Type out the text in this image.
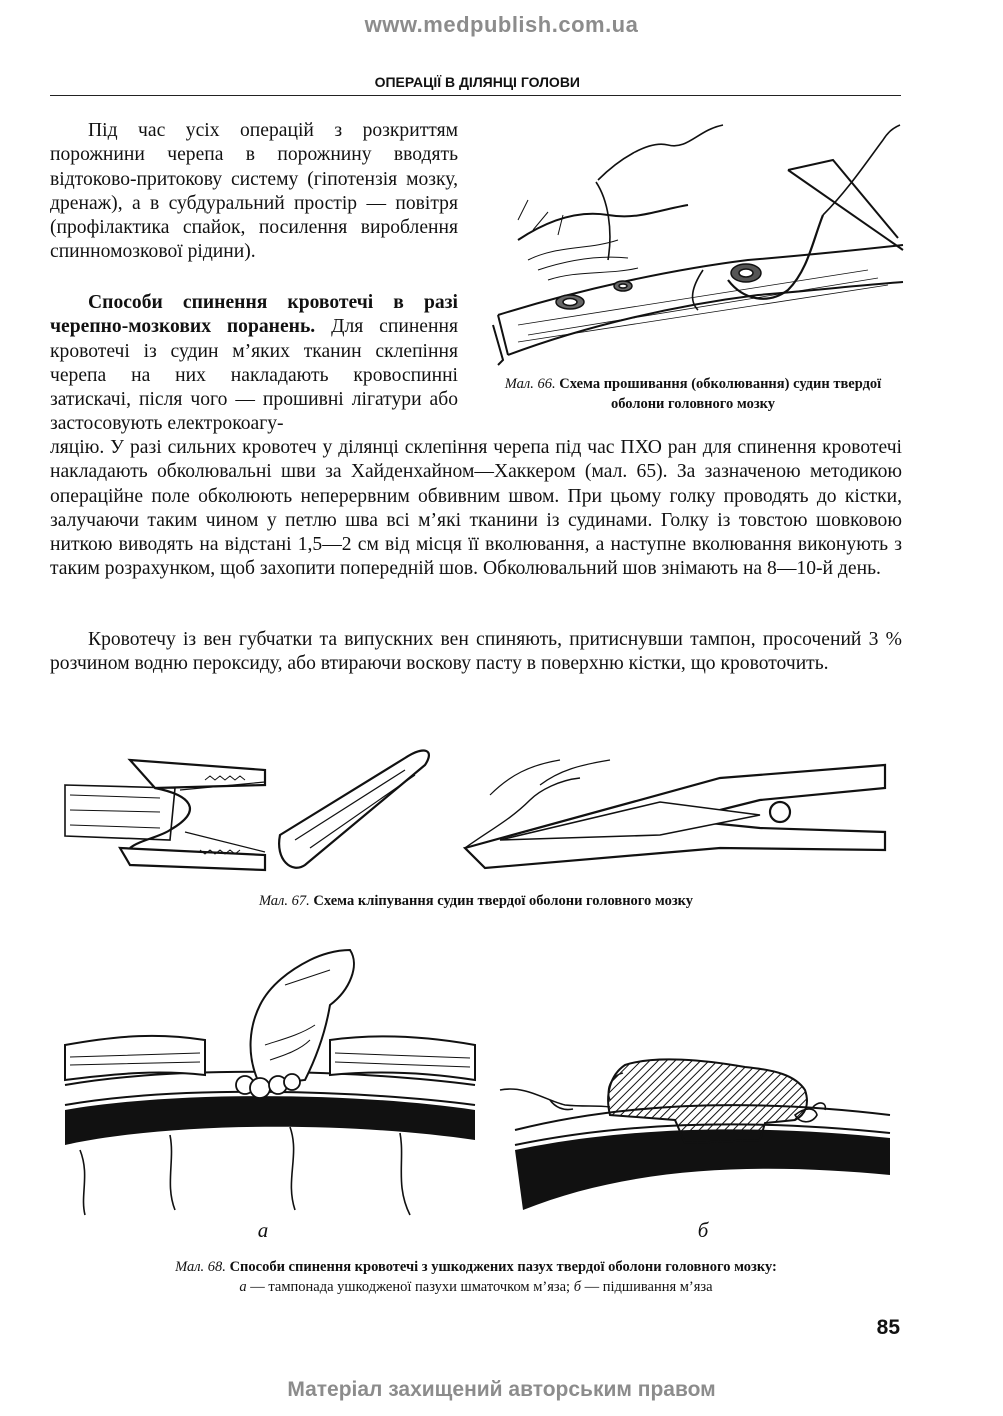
www.medpublish.com.ua
ОПЕРАЦІЇ В ДІЛЯНЦІ ГОЛОВИ
Під час усіх операцій з розкриттям порожнини черепа в порожнину вводять відтоково-притокову систему (гіпотензія мозку, дренаж), а в субдуральний простір — повітря (профілактика спайок, посилення вироблення спинномозкової рідини).
Способи спинення кровотечі в разі черепно-мозкових поранень. Для спинення кровотечі із судин м’яких тканин склепіння черепа на них накладають кровоспинні затискачі, після чого — прошивні лігатури або застосовують електрокоагу-
ляцію. У разі сильних кровотеч у ділянці склепіння черепа під час ПХО ран для спинення кровотечі накладають обколювальні шви за Хайденхайном—Хаккером (мал. 65). За зазначеною методикою операційне поле обколюють неперервним обвивним швом. При цьому голку проводять до кістки, залучаючи таким чином у петлю шва всі м’які тканини із судинами. Голку із товстою шовковою ниткою виводять на відстані 1,5—2 см від місця її вколювання, а наступне вколювання виконують з таким розрахунком, щоб захопити попередній шов. Обколювальний шов знімають на 8—10-й день.
Кровотечу із вен губчатки та випускних вен спиняють, притиснувши тампон, просочений 3 % розчином водню пероксиду, або втираючи воскову пасту в поверхню кістки, що кровоточить.
Мал. 66. Схема прошивання (обколювання) судин твердої оболони головного мозку
Мал. 67. Схема кліпування судин твердої оболони головного мозку
а	б
Мал. 68. Способи спинення кровотечі з ушкоджених пазух твердої оболони головного мозку:
а — тампонада ушкодженої пазухи шматочком м’яза; б — підшивання м’яза
85
Матеріал захищений авторським правом
